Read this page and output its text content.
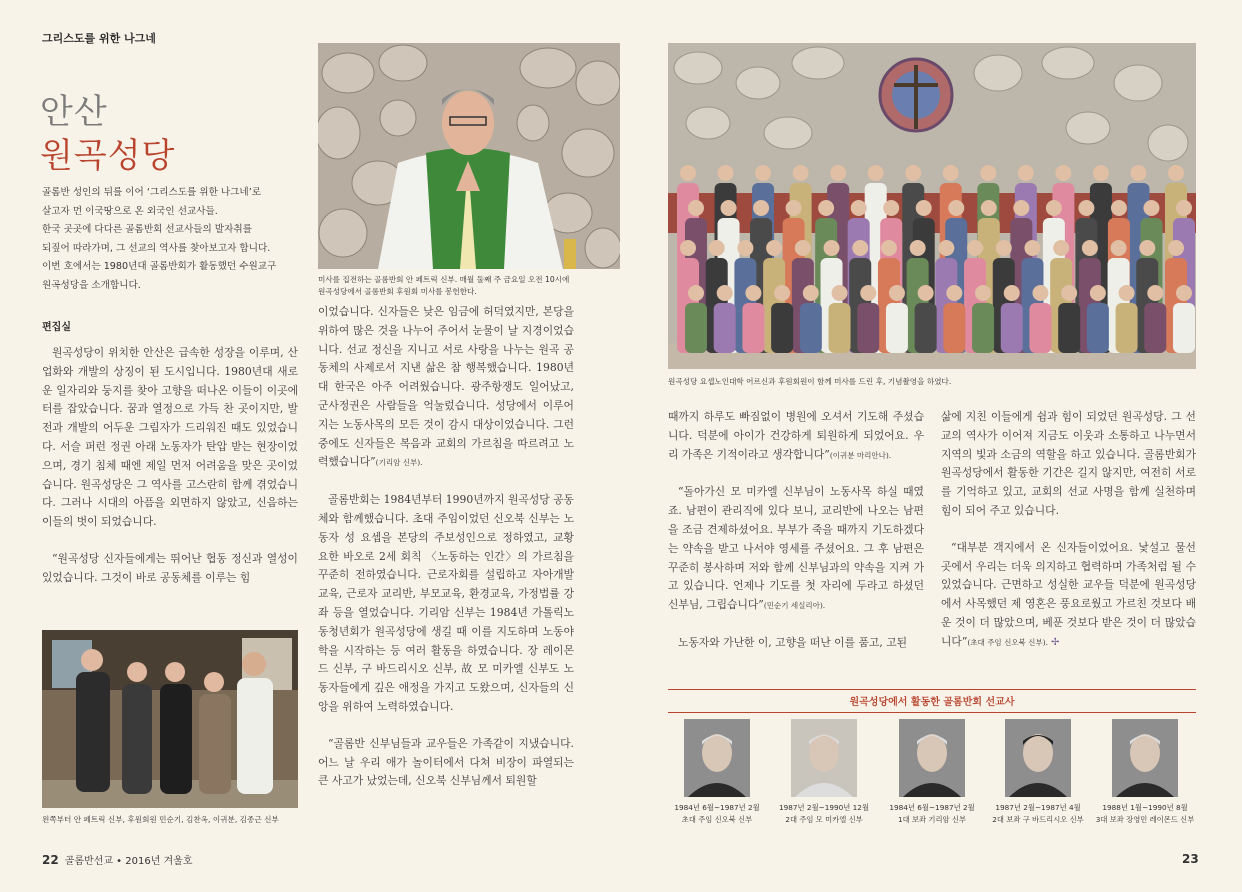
그리스도를 위한 나그네
안산
원곡성당
골롬반 성인의 뒤를 이어 ‘그리스도를 위한 나그네’로
살고자 먼 이국땅으로 온 외국인 선교사들.
한국 곳곳에 다다른 골롬반회 선교사들의 발자취를
되짚어 따라가며, 그 선교의 역사를 찾아보고자 합니다.
이번 호에서는 1980년대 골롬반회가 활동했던 수원교구
원곡성당을 소개합니다.
편집실

원곡성당이 위치한 안산은 급속한 성장을 이루며, 산업화와 개발의 상징이 된 도시입니다. 1980년대 새로운 일자리와 둥지를 찾아 고향을 떠나온 이들이 이곳에 터를 잡았습니다. 꿈과 열정으로 가득 찬 곳이지만, 발전과 개발의 어두운 그림자가 드리워진 때도 있었습니다. 서슬 퍼런 정권 아래 노동자가 탄압 받는 현장이었으며, 경기 침체 때엔 제일 먼저 어려움을 맞은 곳이었습니다. 원곡성당은 그 역사를 고스란히 함께 겪었습니다. 그러나 시대의 아픔을 외면하지 않았고, 신음하는 이들의 벗이 되었습니다.

“원곡성당 신자들에게는 뛰어난 협동 정신과 열성이 있었습니다. 그것이 바로 공동체를 이루는 힘

미사를 집전하는 골롬반회 안 페트릭 신부. 매월 둘째 주 금요일 오전 10시에
원곡성당에서 골롬반회 후원회 미사를 봉헌한다.

이었습니다. 신자들은 낮은 임금에 허덕였지만, 본당을 위하여 많은 것을 나누어 주어서 눈물이 날 지경이었습니다. 선교 정신을 지니고 서로 사랑을 나누는 원곡 공동체의 사제로서 지낸 삶은 참 행복했습니다. 1980년대 한국은 아주 어려웠습니다. 광주항쟁도 일어났고, 군사정권은 사람들을 억눌렀습니다. 성당에서 이루어지는 노동사목의 모든 것이 감시 대상이었습니다. 그런 중에도 신자들은 복음과 교회의 가르침을 따르려고 노력했습니다”(기리암 신부).

골롬반회는 1984년부터 1990년까지 원곡성당 공동체와 함께했습니다. 초대 주임이었던 신오북 신부는 노동자 성 요셉을 본당의 주보성인으로 정하였고, 교황 요한 바오로 2세 회칙 〈노동하는 인간〉의 가르침을 꾸준히 전하였습니다. 근로자회를 설립하고 자아개발 교육, 근로자 교리반, 부모교육, 환경교육, 가정법률 강좌 등을 열었습니다. 기리암 신부는 1984년 가톨릭노동청년회가 원곡성당에 생길 때 이를 지도하며 노동야학을 시작하는 등 여러 활동을 하였습니다. 장 레이몬드 신부, 구 바드리시오 신부, 故 모 미카엘 신부도 노동자들에게 깊은 애정을 가지고 도왔으며, 신자들의 신앙을 위하여 노력하였습니다.

“골롬반 신부님들과 교우들은 가족같이 지냈습니다. 어느 날 우리 애가 놀이터에서 다쳐 비장이 파열되는 큰 사고가 났었는데, 신오북 신부님께서 퇴원할

왼쪽부터 안 페트릭 신부, 후원회원 민순기, 김찬옥, 이귀분, 김종근 신부
22 골롬반선교 • 2016년 겨울호
원곡성당 요셉노인대학 어르신과 후원회원이 함께 미사를 드린 후, 기념촬영을 하였다.

때까지 하루도 빠짐없이 병원에 오셔서 기도해 주셨습니다. 덕분에 아이가 건강하게 퇴원하게 되었어요. 우리 가족은 기적이라고 생각합니다”(이귀분 마리안나).

“돌아가신 모 미카엘 신부님이 노동사목 하실 때였죠. 남편이 관리직에 있다 보니, 교리반에 나오는 남편을 조금 견제하셨어요. 부부가 죽을 때까지 기도하겠다는 약속을 받고 나서야 영세를 주셨어요. 그 후 남편은 꾸준히 봉사하며 저와 함께 신부님과의 약속을 지켜 가고 있습니다. 언제나 기도를 첫 자리에 두라고 하셨던 신부님, 그립습니다”(민순기 세실리아).

노동자와 가난한 이, 고향을 떠난 이를 품고, 고된

삶에 지친 이들에게 쉼과 힘이 되었던 원곡성당. 그 선교의 역사가 이어져 지금도 이웃과 소통하고 나누면서 지역의 빛과 소금의 역할을 하고 있습니다. 골롬반회가 원곡성당에서 활동한 기간은 길지 않지만, 여전히 서로를 기억하고 있고, 교회의 선교 사명을 함께 실천하며 힘이 되어 주고 있습니다.

“대부분 객지에서 온 신자들이었어요. 낯설고 물선 곳에서 우리는 더욱 의지하고 협력하며 가족처럼 될 수 있었습니다. 근면하고 성실한 교우들 덕분에 원곡성당에서 사목했던 제 영혼은 풍요로웠고 가르친 것보다 배운 것이 더 많았으며, 베푼 것보다 받은 것이 더 많았습니다”(초대 주임 신오북 신부). ✢

원곡성당에서 활동한 골롬반회 선교사
1984년 6월~1987년 2월
초대 주임 신오북 신부
1987년 2월~1990년 12월
2대 주임 모 미카엘 신부
1984년 6월~1987년 2월
1대 보좌 기리암 신부
1987년 2월~1987년 4월
2대 보좌 구 바드리시오 신부
1988년 1월~1990년 8월
3대 보좌 장영민 레이몬드 신부
23
